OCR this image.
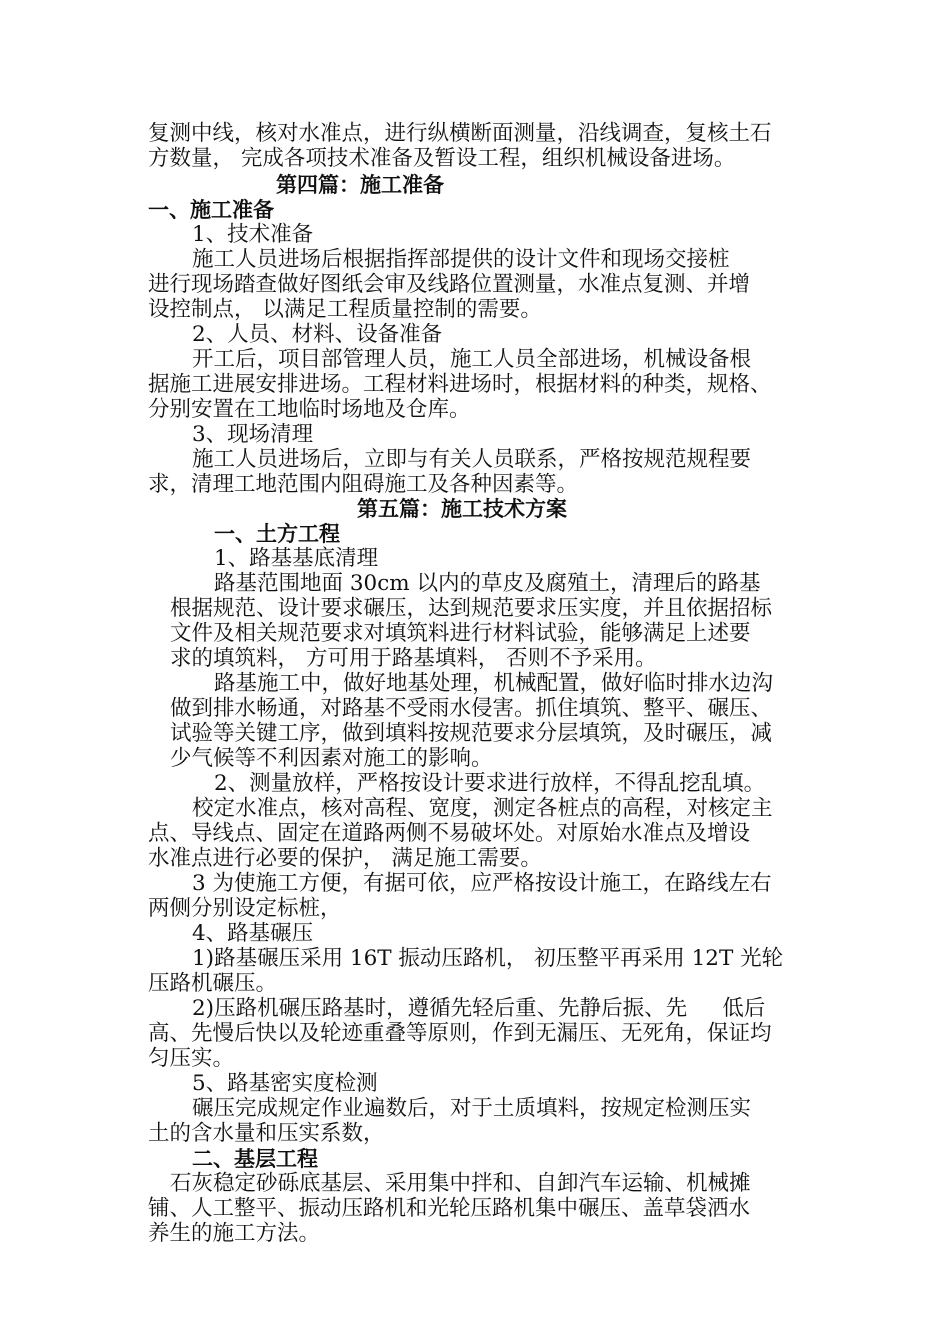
复测中线，核对水准点，进行纵横断面测量，沿线调查，复核土石
方数量， 完成各项技术准备及暂设工程，组织机械设备进场。
第四篇：施工准备
一、施工准备
1、技术准备
施工人员进场后根据指挥部提供的设计文件和现场交接桩
进行现场踏查做好图纸会审及线路位置测量，水准点复测、并增
设控制点， 以满足工程质量控制的需要。
2、人员、材料、设备准备
开工后，项目部管理人员，施工人员全部进场，机械设备根
据施工进展安排进场。工程材料进场时，根据材料的种类，规格、
分别安置在工地临时场地及仓库。
3、现场清理
施工人员进场后，立即与有关人员联系，严格按规范规程要
求，清理工地范围内阻碍施工及各种因素等。
第五篇：施工技术方案
一、土方工程
1、路基基底清理
路基范围地面 30cm 以内的草皮及腐殖土，清理后的路基
根据规范、设计要求碾压，达到规范要求压实度，并且依据招标
文件及相关规范要求对填筑料进行材料试验，能够满足上述要
求的填筑料， 方可用于路基填料， 否则不予采用。
路基施工中，做好地基处理，机械配置，做好临时排水边沟
做到排水畅通，对路基不受雨水侵害。抓住填筑、整平、碾压、
试验等关键工序，做到填料按规范要求分层填筑，及时碾压，减
少气候等不利因素对施工的影响。
2、测量放样，严格按设计要求进行放样，不得乱挖乱填。
校定水准点，核对高程、宽度，测定各桩点的高程，对核定主
点、导线点、固定在道路两侧不易破坏处。对原始水准点及增设
水准点进行必要的保护， 满足施工需要。
3 为使施工方便，有据可依，应严格按设计施工，在路线左右
两侧分别设定标桩，
4、路基碾压
1)路基碾压采用 16T 振动压路机， 初压整平再采用 12T 光轮
压路机碾压。
2)压路机碾压路基时，遵循先轻后重、先静后振、先 　 低后
高、先慢后快以及轮迹重叠等原则，作到无漏压、无死角，保证均
匀压实。
5、路基密实度检测
碾压完成规定作业遍数后，对于土质填料，按规定检测压实
土的含水量和压实系数，
二、基层工程
石灰稳定砂砾底基层、采用集中拌和、自卸汽车运输、机械摊
铺、人工整平、振动压路机和光轮压路机集中碾压、盖草袋洒水
养生的施工方法。
